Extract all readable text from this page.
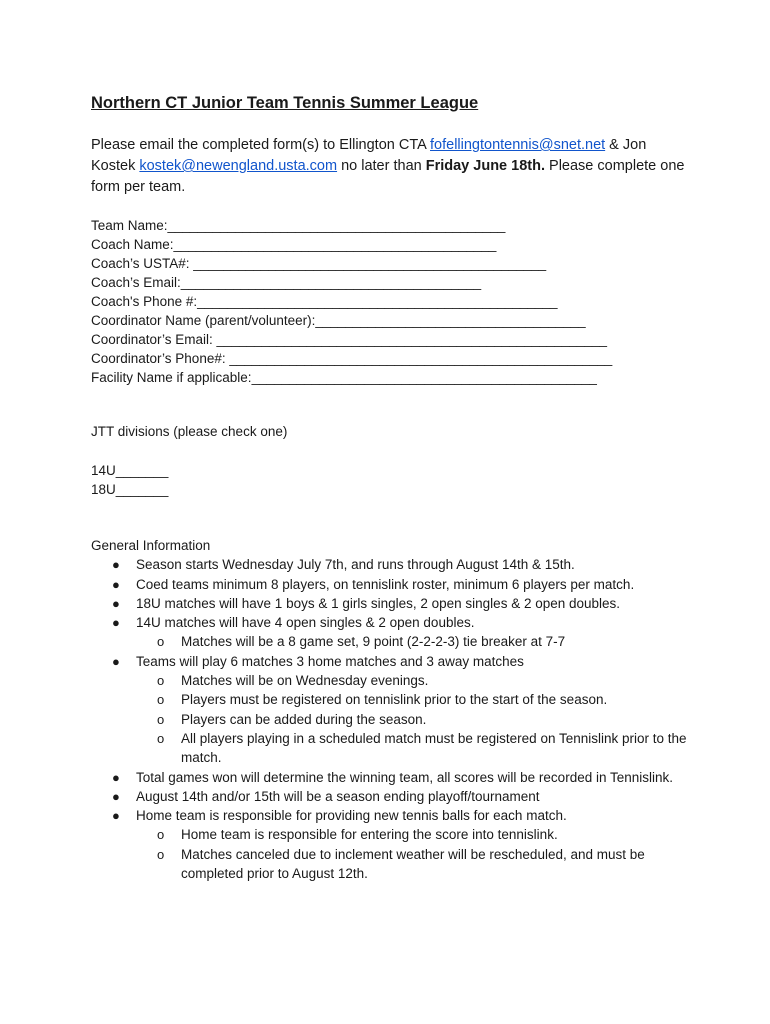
Northern CT Junior Team Tennis Summer League
Please email the completed form(s) to Ellington CTA fofellingtontennis@snet.net & Jon Kostek kostek@newengland.usta.com no later than Friday June 18th. Please complete one form per team.
Team Name:_____________________________________________
Coach Name:___________________________________________
Coach’s USTA#: _______________________________________________
Coach’s Email:________________________________________
Coach's Phone #:________________________________________________
Coordinator Name (parent/volunteer):____________________________________
Coordinator’s Email: ____________________________________________________
Coordinator’s Phone#: ___________________________________________________
Facility Name if applicable:______________________________________________
JTT divisions (please check one)
14U_______
18U_______
General Information
● Season starts Wednesday July 7th, and runs through August 14th & 15th.
● Coed teams minimum 8 players, on tennislink roster, minimum 6 players per match.
● 18U matches will have 1 boys & 1 girls singles, 2 open singles & 2 open doubles.
● 14U matches will have 4 open singles & 2 open doubles.
o Matches will be a 8 game set, 9 point (2-2-2-3) tie breaker at 7-7
● Teams will play 6 matches 3 home matches and 3 away matches
o Matches will be on Wednesday evenings.
o Players must be registered on tennislink prior to the start of the season.
o Players can be added during the season.
o All players playing in a scheduled match must be registered on Tennislink prior to the match.
● Total games won will determine the winning team, all scores will be recorded in Tennislink.
● August 14th and/or 15th will be a season ending playoff/tournament
● Home team is responsible for providing new tennis balls for each match.
o Home team is responsible for entering the score into tennislink.
o Matches canceled due to inclement weather will be rescheduled, and must be completed prior to August 12th.
